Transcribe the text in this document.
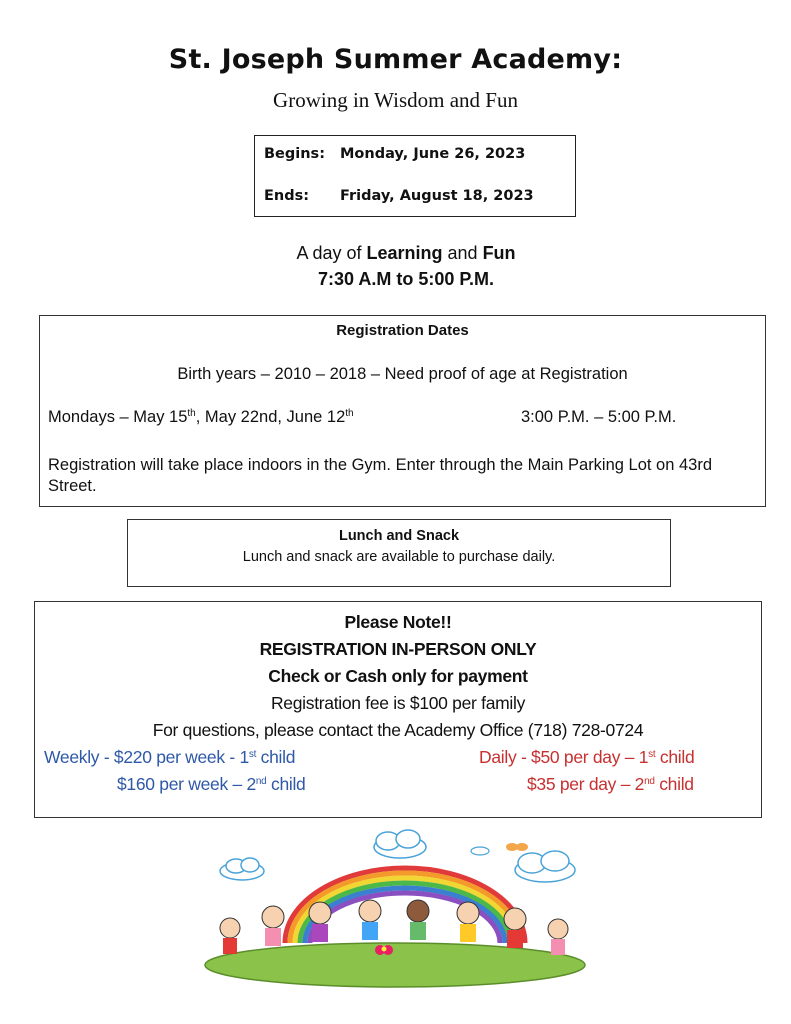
St. Joseph Summer Academy:
Growing in Wisdom and Fun
Begins: Monday, June 26, 2023
Ends: Friday, August 18, 2023
A day of Learning and Fun
7:30 A.M to 5:00 P.M.
Registration Dates
Birth years – 2010 – 2018 – Need proof of age at Registration
Mondays – May 15th, May 22nd, June 12th	3:00 P.M. – 5:00 P.M.
Registration will take place indoors in the Gym. Enter through the Main Parking Lot on 43rd Street.
Lunch and Snack
Lunch and snack are available to purchase daily.
Please Note!!
REGISTRATION IN-PERSON ONLY
Check or Cash only for payment
Registration fee is $100 per family
For questions, please contact the Academy Office (718) 728-0724
Weekly - $220 per week - 1st child
$160 per week – 2nd child
Daily - $50 per day – 1st child
$35 per day – 2nd child
